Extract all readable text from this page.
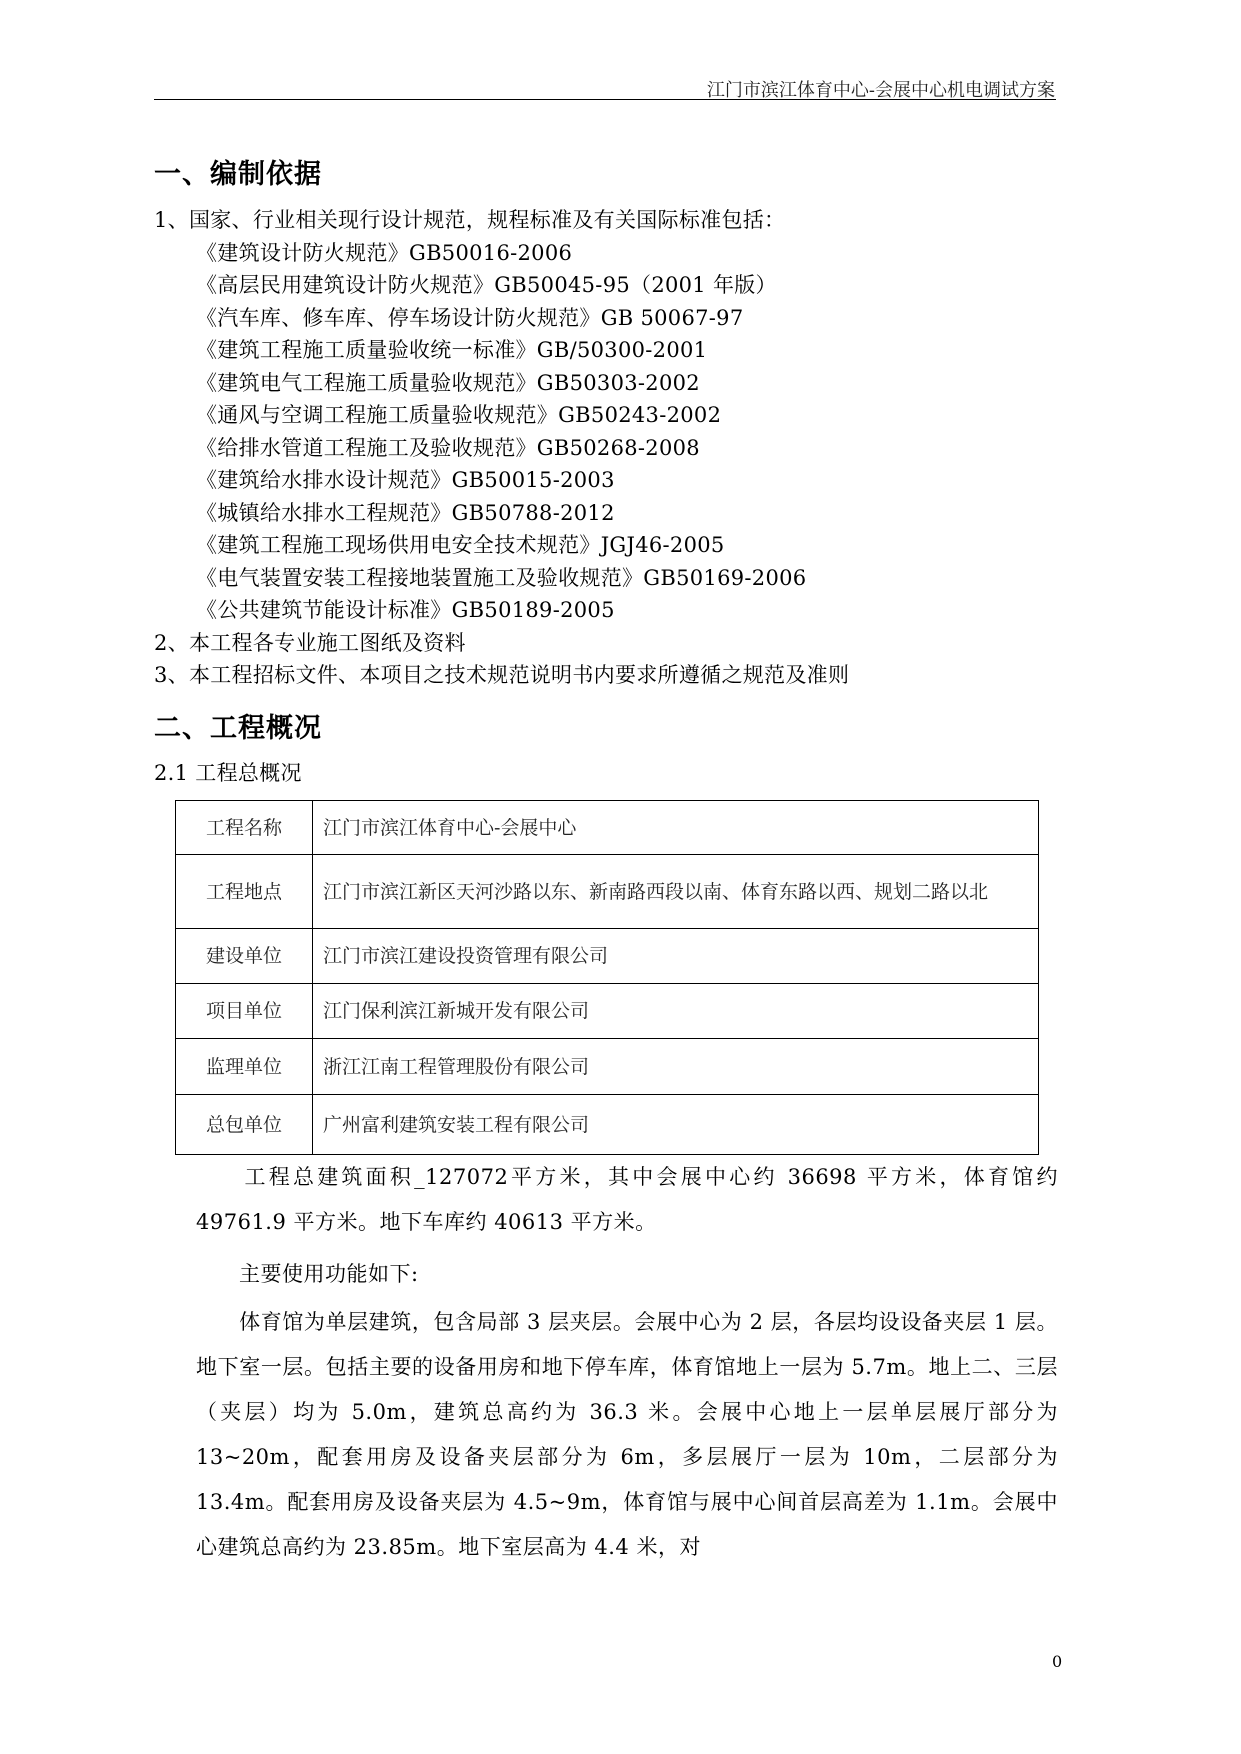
江门市滨江体育中心-会展中心机电调试方案
一、编制依据
1、国家、行业相关现行设计规范，规程标准及有关国际标准包括：
《建筑设计防火规范》GB50016-2006
《高层民用建筑设计防火规范》GB50045-95（2001 年版）
《汽车库、修车库、停车场设计防火规范》GB 50067-97
《建筑工程施工质量验收统一标准》GB/50300-2001
《建筑电气工程施工质量验收规范》GB50303-2002
《通风与空调工程施工质量验收规范》GB50243-2002
《给排水管道工程施工及验收规范》GB50268-2008
《建筑给水排水设计规范》GB50015-2003
《城镇给水排水工程规范》GB50788-2012
《建筑工程施工现场供用电安全技术规范》JGJ46-2005
《电气装置安装工程接地装置施工及验收规范》GB50169-2006
《公共建筑节能设计标准》GB50189-2005
2、本工程各专业施工图纸及资料
3、本工程招标文件、本项目之技术规范说明书内要求所遵循之规范及准则
二、工程概况
2.1 工程总概况
工程名称	江门市滨江体育中心-会展中心
工程地点	江门市滨江新区天河沙路以东、新南路西段以南、体育东路以西、规划二路以北
建设单位	江门市滨江建设投资管理有限公司
项目单位	江门保利滨江新城开发有限公司
监理单位	浙江江南工程管理股份有限公司
总包单位	广州富利建筑安装工程有限公司
　　工程总建筑面积_127072平方米，其中会展中心约 36698 平方米，体育馆约 49761.9 平方米。地下车库约 40613 平方米。
　　主要使用功能如下:
　　体育馆为单层建筑，包含局部 3 层夹层。会展中心为 2 层，各层均设设备夹层 1 层。地下室一层。包括主要的设备用房和地下停车库，体育馆地上一层为 5.7m。地上二、三层（夹层）均为 5.0m，建筑总高约为 36.3 米。会展中心地上一层单层展厅部分为 13~20m，配套用房及设备夹层部分为 6m，多层展厅一层为 10m，二层部分为 13.4m。配套用房及设备夹层为 4.5~9m，体育馆与展中心间首层高差为 1.1m。会展中心建筑总高约为 23.85m。地下室层高为 4.4 米，对
0
